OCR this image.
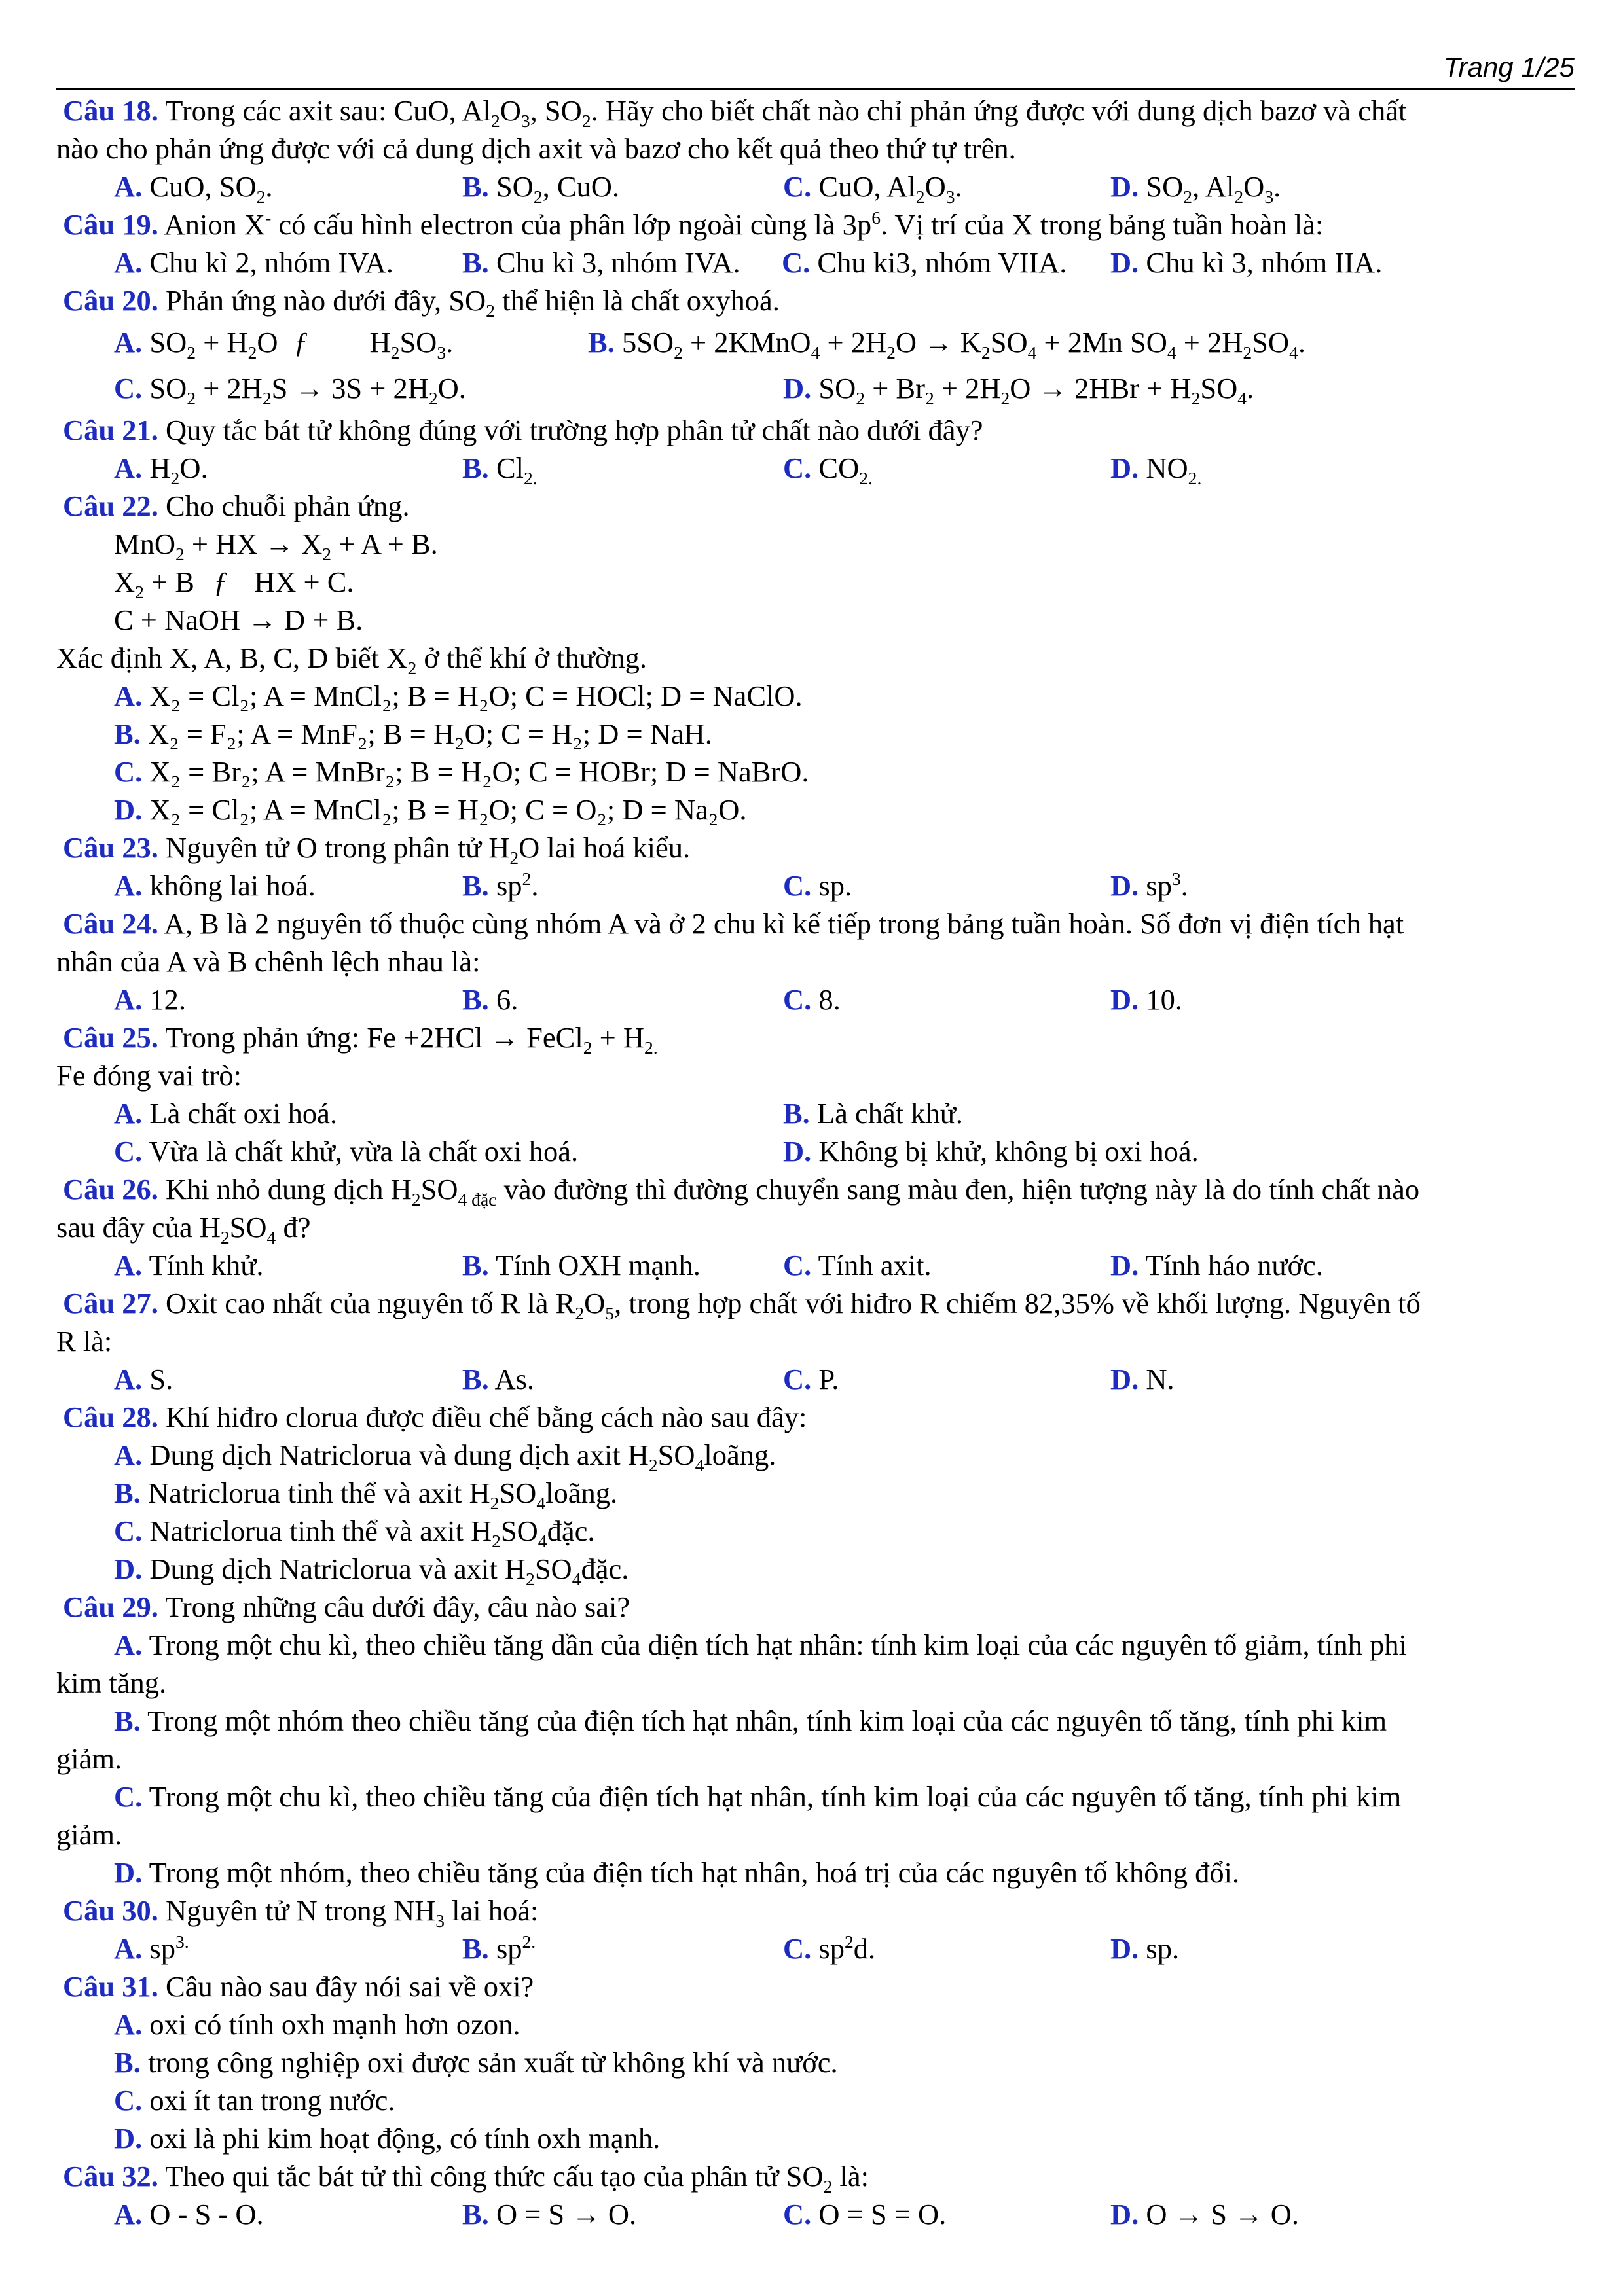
Trang 1/25
Câu 18. Trong các axit sau: CuO, $Al_2O_3$, $SO_2$. Hãy cho biết chất nào chỉ phản ứng được với dung dịch bazơ và chất
nào cho phản ứng được với cả dung dịch axit và bazơ cho kết quả theo thứ tự trên.
A. CuO, $SO_2$.	B. $SO_2$, CuO.	C. CuO, $Al_2O_3$.	D. $SO_2$, $Al_2O_3$.
Câu 19. Anion X- có cấu hình electron của phân lớp ngoài cùng là $3p^6$. Vị trí của X trong bảng tuần hoàn là:
A. Chu kì 2, nhóm IVA. B. Chu kì 3, nhóm IVA. C. Chu ki3, nhóm VIIA. D. Chu kì 3, nhóm IIA.
Câu 20. Phản ứng nào dưới đây, $SO_2$ thể hiện là chất oxyhoá.
A. $SO_2 + H_2O$ ƒ $H_2SO_3$.	B. $5SO_2$ + 2KMnO$_4$ + $2H_2O \to K_2SO_4 + 2Mn$ $SO_4 + 2H_2SO_4$.
C. $SO_2 + 2H_2S \to 3S + 2H_2O$.	D. $SO_2 + Br_2 + 2H_2O \to 2HBr + H_2SO_4$.
Câu 21. Quy tắc bát tử không đúng với trường hợp phân tử chất nào dưới đây?
A. $H_2O$.	B. $Cl_{2.}$	C. $CO_{2.}$	D. $NO_{2.}$
Câu 22. Cho chuỗi phản ứng.
MnO$_2$ + HX → $X_2 + A + B$.
$X_2 + B$ ƒ HX + C.
C + NaOH → D + B.
Xác định X, A, B, C, D biết $X_2$ ở thể khí ở thường.
A. X₂ = Cl₂; A = MnCl₂; B = H₂O; C = HOCl; D = NaClO.
B. X₂ = F₂; A = MnF₂; B = H₂O; C = H₂; D = NaH.
C. X₂ = Br₂; A = MnBr₂; B = H₂O; C = HOBr; D = NaBrO.
D. X₂ = Cl₂; A = MnCl₂; B = H₂O; C = O₂; D = Na₂O.
Câu 23. Nguyên tử O trong phân tử $H_2O$ lai hoá kiểu.
A. không lai hoá.	B. $sp^2$.	C. sp.	D. $sp^3$.
Câu 24. A, B là 2 nguyên tố thuộc cùng nhóm A và ở 2 chu kì kế tiếp trong bảng tuần hoàn. Số đơn vị điện tích hạt
nhân của A và B chênh lệch nhau là:
A. 12.	B. 6.	C. 8.	D. 10.
Câu 25. Trong phản ứng: Fe +2HCl → FeCl$_2$ + $H_{2.}$
Fe đóng vai trò:
A. Là chất oxi hoá.	B. Là chất khử.
C. Vừa là chất khử, vừa là chất oxi hoá.	D. Không bị khử, không bị oxi hoá.
Câu 26. Khi nhỏ dung dịch $H_2SO_{4 đặc}$ vào đường thì đường chuyển sang màu đen, hiện tượng này là do tính chất nào
sau đây của $H_2SO_4$ đ?
A. Tính khử.	B. Tính OXH mạnh.	C. Tính axit.	D. Tính háo nước.
Câu 27. Oxit cao nhất của nguyên tố R là $R_2O_5$, trong hợp chất với hiđro R chiếm 82,35% về khối lượng. Nguyên tố
R là:
A. S.	B. As.	C. P.	D. N.
Câu 28. Khí hiđro clorua được điều chế bằng cách nào sau đây:
A. Dung dịch Natriclorua và dung dịch axit $H_2SO_4loãng$.
B. Natriclorua tinh thể và axit $H_2SO_4loãng$.
C. Natriclorua tinh thể và axit $H_2SO_4đặc$.
D. Dung dịch Natriclorua và axit $H_2SO_4đặc$.
Câu 29. Trong những câu dưới đây, câu nào sai?
A. Trong một chu kì, theo chiều tăng dần của diện tích hạt nhân: tính kim loại của các nguyên tố giảm, tính phi
kim tăng.
B. Trong một nhóm theo chiều tăng của điện tích hạt nhân, tính kim loại của các nguyên tố tăng, tính phi kim
giảm.
C. Trong một chu kì, theo chiều tăng của điện tích hạt nhân, tính kim loại của các nguyên tố tăng, tính phi kim
giảm.
D. Trong một nhóm, theo chiều tăng của điện tích hạt nhân, hoá trị của các nguyên tố không đổi.
Câu 30. Nguyên tử N trong $NH_3$ lai hoá:
A. $sp^{3.}$	B. $sp^{2.}$	C. $sp^2d$.	D. sp.
Câu 31. Câu nào sau đây nói sai về oxi?
A. oxi có tính oxh mạnh hơn ozon.
B. trong công nghiệp oxi được sản xuất từ không khí và nước.
C. oxi ít tan trong nước.
D. oxi là phi kim hoạt động, có tính oxh mạnh.
Câu 32. Theo qui tắc bát tử thì công thức cấu tạo của phân tử $SO_2$ là:
A. O - S - O.	B. O = S → O.	C. O = S = O.	D. O → S → O.
